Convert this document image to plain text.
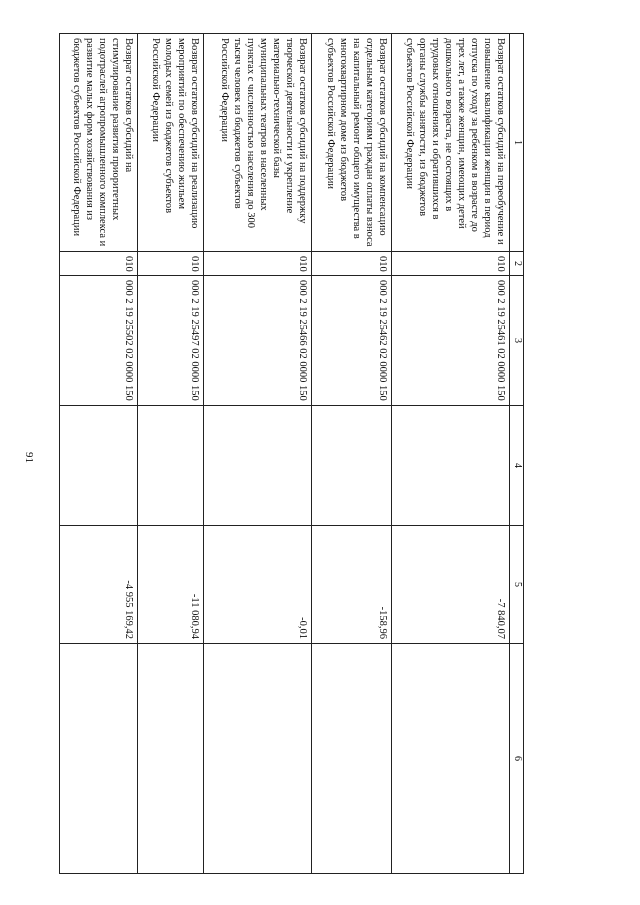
91
1	2	3	4	5	6
Возврат остатков субсидий на переобучение и повышение квалификации женщин в период отпуска по уходу за ребенком в возрасте до трех лет, а также женщин, имеющих детей дошкольного возраста, не состоящих в трудовых отношениях и обратившихся в органы службы занятости, из бюджетов субъектов Российской Федерации	010	000 2 19 25461 02 0000 150		-7 840,07	
Возврат остатков субсидий на компенсацию отдельным категориям граждан оплаты взноса на капитальный ремонт общего имущества в многоквартирном доме из бюджетов субъектов Российской Федерации	010	000 2 19 25462 02 0000 150		-158,96	
Возврат остатков субсидий на поддержку творческой деятельности и укрепление материально-технической базы муниципальных театров в населенных пунктах с численностью населения до 300 тысяч человек из бюджетов субъектов Российской Федерации	010	000 2 19 25466 02 0000 150		-0,01	
Возврат остатков субсидий на реализацию мероприятий по обеспечению жильем молодых семей из бюджетов субъектов Российской Федерации	010	000 2 19 25497 02 0000 150		-11 080,94	
Возврат остатков субсидий на стимулирование развития приоритетных подотраслей агропромышленного комплекса и развитие малых форм хозяйствования из бюджетов субъектов Российской Федерации	010	000 2 19 25502 02 0000 150		-4 955 169,42	
